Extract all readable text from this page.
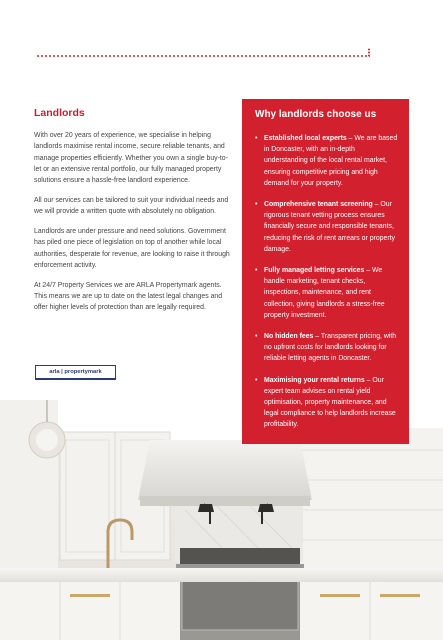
Landlords

With over 20 years of experience, we specialise in helping landlords maximise rental income, secure reliable tenants, and manage properties efficiently. Whether you own a single buy-to-let or an extensive rental portfolio, our fully managed property solutions ensure a hassle-free landlord experience.

All our services can be tailored to suit your individual needs and we will provide a written quote with absolutely no obligation.

Landlords are under pressure and need solutions. Government has piled one piece of legislation on top of another while local authorities, desperate for revenue, are looking to raise it through enforcement activity.

At 24/7 Property Services we are ARLA Propertymark agents. This means we are up to date on the latest legal changes and offer higher levels of protection than are legally required.

arla | propertymark
Why landlords choose us
• Established local experts – We are based in Doncaster, with an in-depth understanding of the local rental market, ensuring competitive pricing and high demand for your property.
• Comprehensive tenant screening – Our rigorous tenant vetting process ensures financially secure and responsible tenants, reducing the risk of rent arrears or property damage.
• Fully managed letting services – We handle marketing, tenant checks, inspections, maintenance, and rent collection, giving landlords a stress-free property investment.
• No hidden fees – Transparent pricing, with no upfront costs for landlords looking for reliable letting agents in Doncaster.
• Maximising your rental returns – Our expert team advises on rental yield optimisation, property maintenance, and legal compliance to help landlords increase profitability.
